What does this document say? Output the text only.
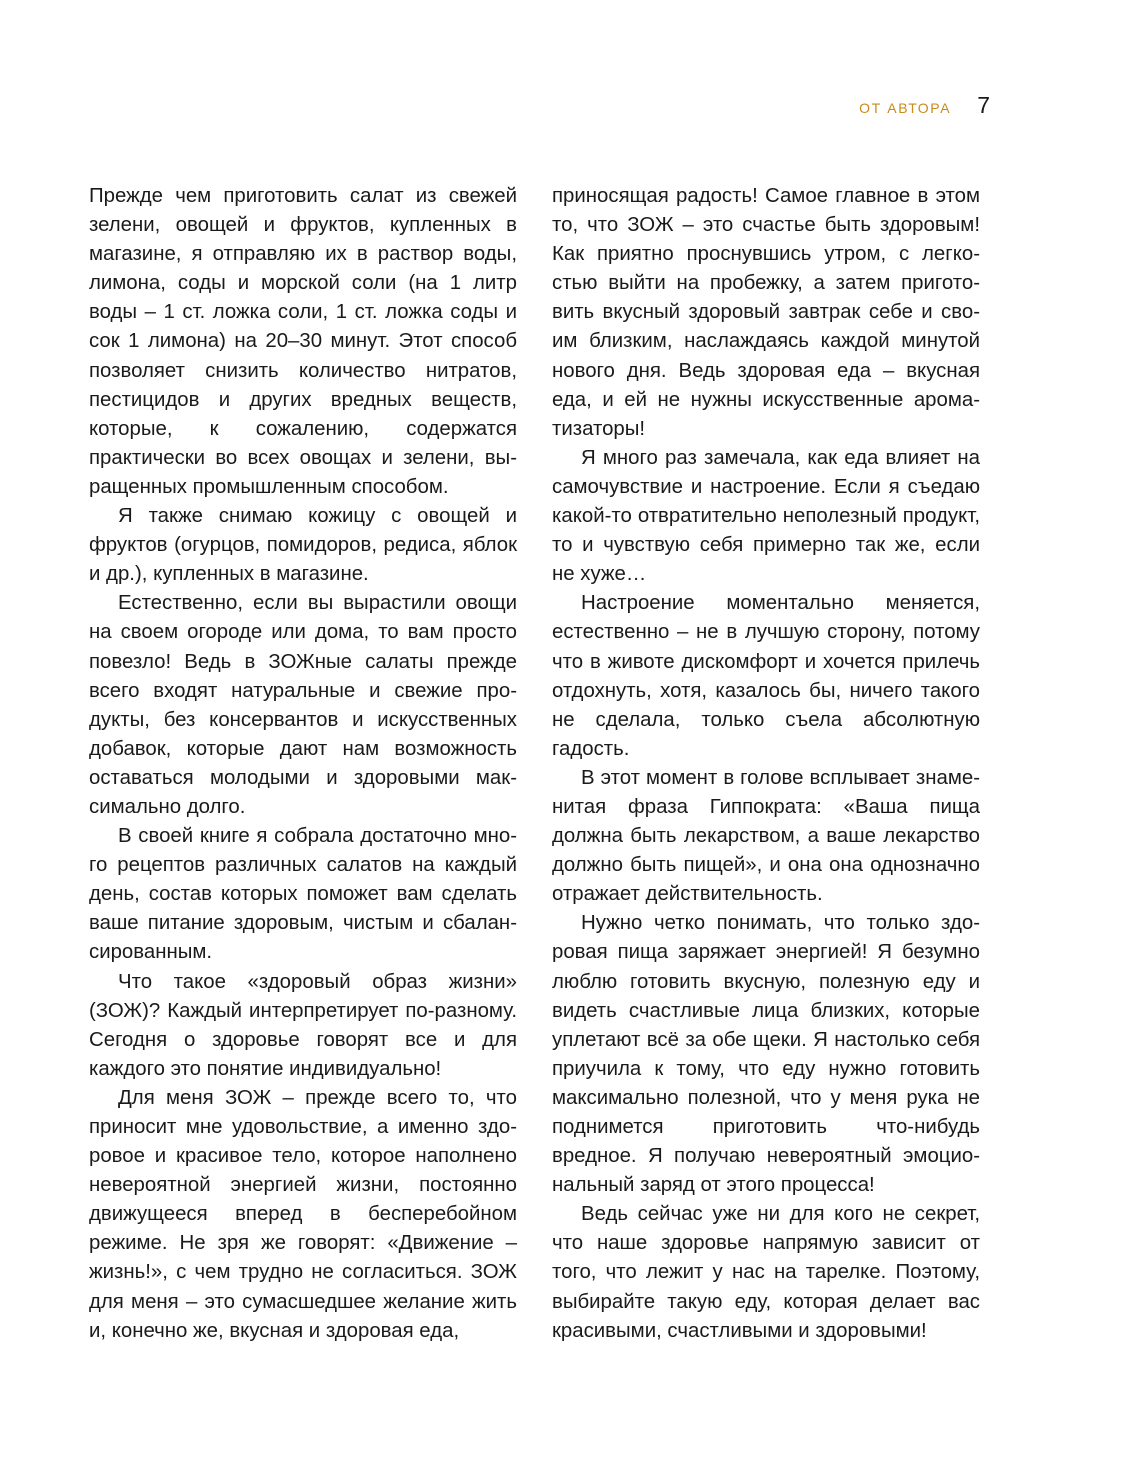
ОТ АВТОРА 7

Прежде чем приготовить салат из свежей зелени, овощей и фруктов, купленных в магазине, я отправляю их в раствор воды, лимона, соды и морской соли (на 1 литр воды – 1 ст. ложка соли, 1 ст. ложка соды и сок 1 лимона) на 20–30 минут. Этот способ позволяет снизить количество нитратов, пестицидов и других вредных веществ, которые, к сожалению, содержатся практически во всех овощах и зелени, выращенных промышленным способом.

Я также снимаю кожицу с овощей и фруктов (огурцов, помидоров, редиса, яблок и др.), купленных в магазине.

Естественно, если вы вырастили овощи на своем огороде или дома, то вам просто повезло! Ведь в ЗОЖные салаты прежде всего входят натуральные и свежие продукты, без консервантов и искусственных добавок, которые дают нам возможность оставаться молодыми и здоровыми максимально долго.

В своей книге я собрала достаточно много рецептов различных салатов на каждый день, состав которых поможет вам сделать ваше питание здоровым, чистым и сбалансированным.

Что такое «здоровый образ жизни» (ЗОЖ)? Каждый интерпретирует по-разному. Сегодня о здоровье говорят все и для каждого это понятие индивидуально!

Для меня ЗОЖ – прежде всего то, что приносит мне удовольствие, а именно здоровое и красивое тело, которое наполнено невероятной энергией жизни, постоянно движущееся вперед в бесперебойном режиме. Не зря же говорят: «Движение – жизнь!», с чем трудно не согласиться. ЗОЖ для меня – это сумасшедшее желание жить и, конечно же, вкусная и здоровая еда,

приносящая радость! Самое главное в этом то, что ЗОЖ – это счастье быть здоровым! Как приятно проснувшись утром, с легкостью выйти на пробежку, а затем приготовить вкусный здоровый завтрак себе и своим близким, наслаждаясь каждой минутой нового дня. Ведь здоровая еда – вкусная еда, и ей не нужны искусственные ароматизаторы!

Я много раз замечала, как еда влияет на самочувствие и настроение. Если я съедаю какой-то отвратительно неполезный продукт, то и чувствую себя примерно так же, если не хуже…

Настроение моментально меняется, естественно – не в лучшую сторону, потому что в животе дискомфорт и хочется прилечь отдохнуть, хотя, казалось бы, ничего такого не сделала, только съела абсолютную гадость.

В этот момент в голове всплывает знаменитая фраза Гиппократа: «Ваша пища должна быть лекарством, а ваше лекарство должно быть пищей», и она она однозначно отражает действительность.

Нужно четко понимать, что только здоровая пища заряжает энергией! Я безумно люблю готовить вкусную, полезную еду и видеть счастливые лица близких, которые уплетают всё за обе щеки. Я настолько себя приучила к тому, что еду нужно готовить максимально полезной, что у меня рука не поднимется приготовить что-нибудь вредное. Я получаю невероятный эмоциональный заряд от этого процесса!

Ведь сейчас уже ни для кого не секрет, что наше здоровье напрямую зависит от того, что лежит у нас на тарелке. Поэтому, выбирайте такую еду, которая делает вас красивыми, счастливыми и здоровыми!
